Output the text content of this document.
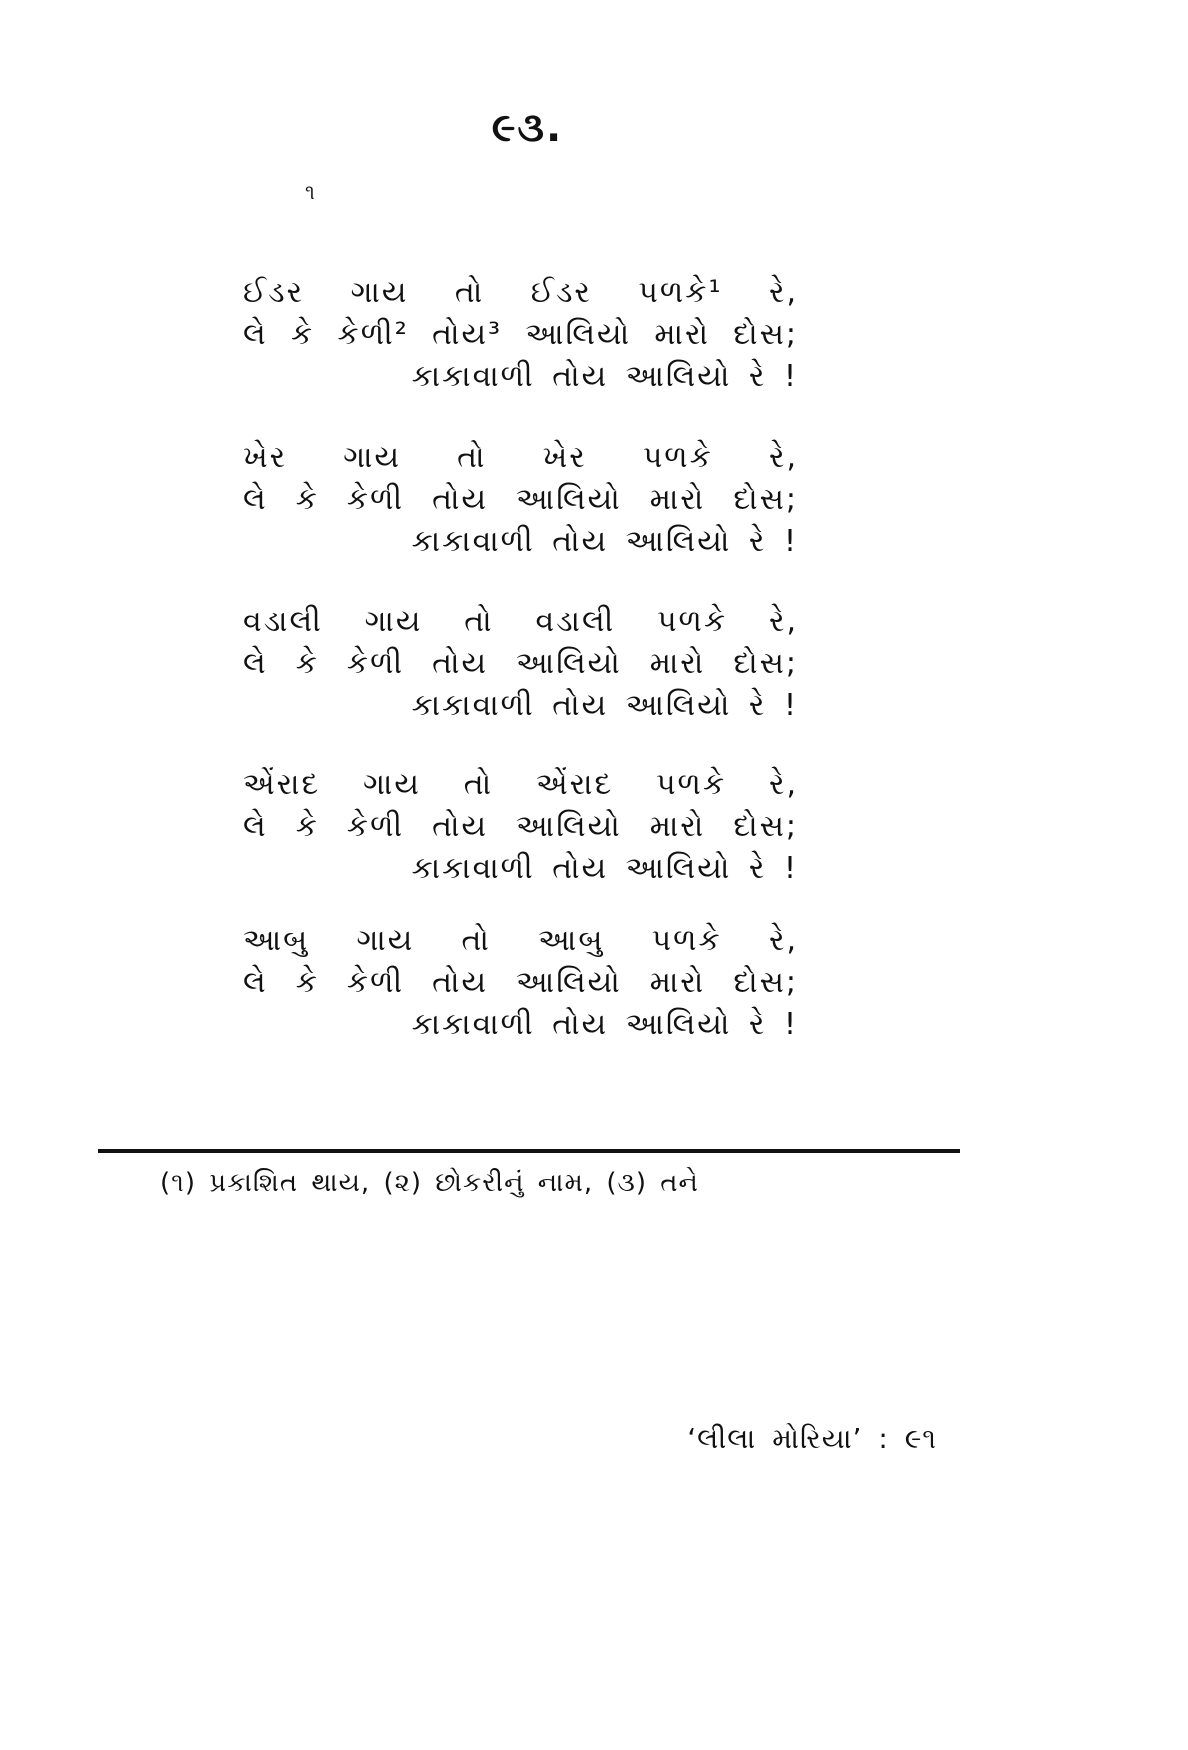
૯૩.
૧
ઈડર ગાય તો ઈડર પળકે¹ રે,
લે કે કેળી² તોય³ આલિયો મારો દોસ;
કાકાવાળી તોય આલિયો રે !
ખેર ગાય તો ખેર પળકે રે,
લે કે કેળી તોય આલિયો મારો દોસ;
કાકાવાળી તોય આલિયો રે !
વડાલી ગાય તો વડાલી પળકે રે,
લે કે કેળી તોય આલિયો મારો દોસ;
કાકાવાળી તોય આલિયો રે !
એંરાદ ગાય તો એંરાદ પળકે રે,
લે કે કેળી તોય આલિયો મારો દોસ;
કાકાવાળી તોય આલિયો રે !
આબુ ગાય તો આબુ પળકે રે,
લે કે કેળી તોય આલિયો મારો દોસ;
કાકાવાળી તોય આલિયો રે !
(૧) પ્રકાશિત થાય, (૨) છોકરીનું નામ, (૩) તને
‘લીલા મોરિયા’ : ૯૧
